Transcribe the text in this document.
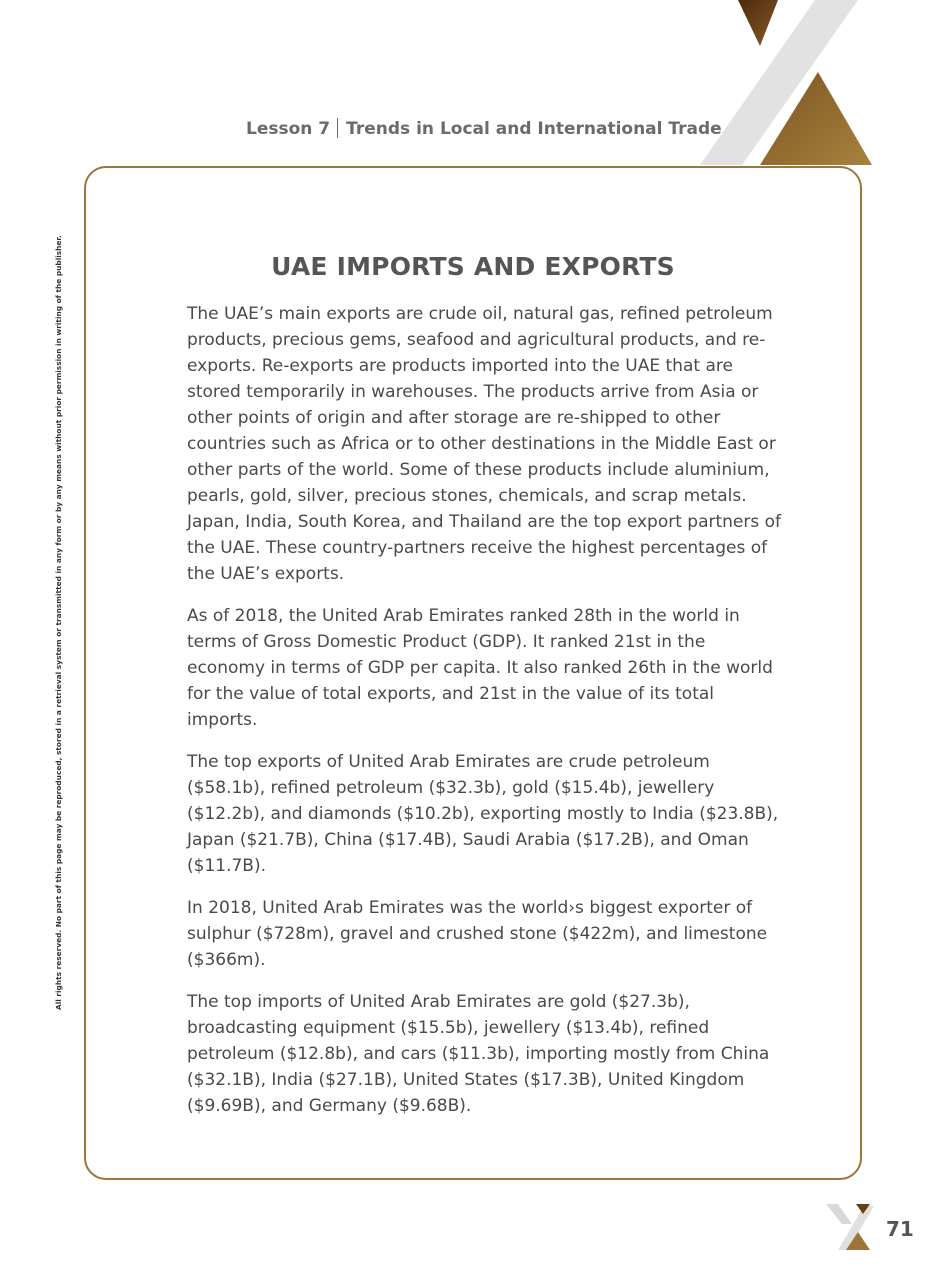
Lesson 7 Trends in Local and International Trade
All rights reserved. No part of this page may be reproduced, stored in a retrieval system or transmitted in any form or by any means without prior permission in writing of the publisher.	UAE IMPORTS AND EXPORTS

The UAE’s main exports are crude oil, natural gas, refined petroleum products, precious gems, seafood and agricultural products, and re-exports. Re-exports are products imported into the UAE that are stored temporarily in warehouses. The products arrive from Asia or other points of origin and after storage are re-shipped to other countries such as Africa or to other destinations in the Middle East or other parts of the world. Some of these products include aluminium, pearls, gold, silver, precious stones, chemicals, and scrap metals. Japan, India, South Korea, and Thailand are the top export partners of the UAE. These country-partners receive the highest percentages of the UAE’s exports.

As of 2018, the United Arab Emirates ranked 28th in the world in terms of Gross Domestic Product (GDP). It ranked 21st in the economy in terms of GDP per capita. It also ranked 26th in the world for the value of total exports, and 21st in the value of its total imports.

The top exports of United Arab Emirates are crude petroleum ($58.1b), refined petroleum ($32.3b), gold ($15.4b), jewellery ($12.2b), and diamonds ($10.2b), exporting mostly to India ($23.8B), Japan ($21.7B), China ($17.4B), Saudi Arabia ($17.2B), and Oman ($11.7B).

In 2018, United Arab Emirates was the world›s biggest exporter of sulphur ($728m), gravel and crushed stone ($422m), and limestone ($366m).

The top imports of United Arab Emirates are gold ($27.3b), broadcasting equipment ($15.5b), jewellery ($13.4b), refined petroleum ($12.8b), and cars ($11.3b), importing mostly from China ($32.1B), India ($27.1B), United States ($17.3B), United Kingdom ($9.69B), and Germany ($9.68B).

71
